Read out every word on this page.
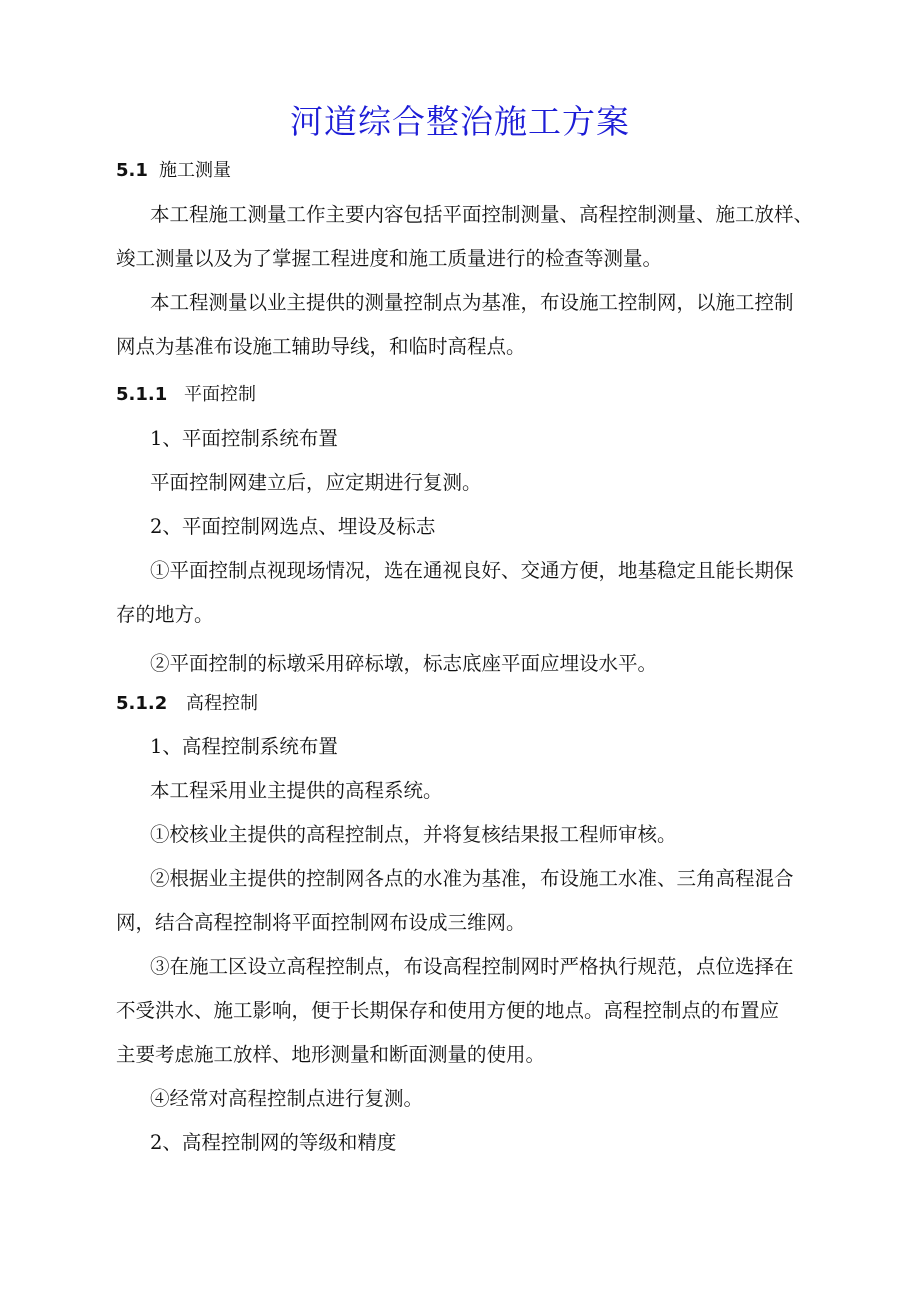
河道综合整治施工方案
5.1 施工测量
本工程施工测量工作主要内容包括平面控制测量、高程控制测量、施工放样、
竣工测量以及为了掌握工程进度和施工质量进行的检查等测量。
本工程测量以业主提供的测量控制点为基准，布设施工控制网，以施工控制
网点为基准布设施工辅助导线，和临时高程点。
5.1.1 平面控制
1、平面控制系统布置
平面控制网建立后，应定期进行复测。
2、平面控制网选点、埋设及标志
①平面控制点视现场情况，选在通视良好、交通方便，地基稳定且能长期保
存的地方。
②平面控制的标墩采用碎标墩，标志底座平面应埋设水平。
5.1.2 高程控制
1、高程控制系统布置
本工程采用业主提供的高程系统。
①校核业主提供的高程控制点，并将复核结果报工程师审核。
②根据业主提供的控制网各点的水准为基准，布设施工水准、三角高程混合
网，结合高程控制将平面控制网布设成三维网。
③在施工区设立高程控制点，布设高程控制网时严格执行规范，点位选择在
不受洪水、施工影响，便于长期保存和使用方便的地点。高程控制点的布置应
主要考虑施工放样、地形测量和断面测量的使用。
④经常对高程控制点进行复测。
2、高程控制网的等级和精度
